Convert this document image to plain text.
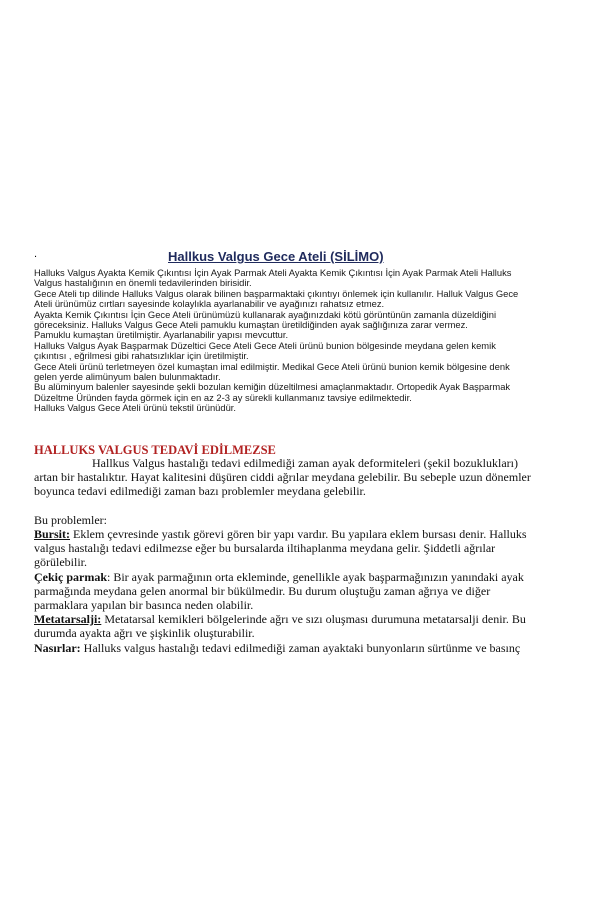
.	Hallkus Valgus Gece Ateli (SİLİMO)
Halluks Valgus Ayakta Kemik Çıkıntısı İçin Ayak Parmak Ateli Ayakta Kemik Çıkıntısı İçin Ayak Parmak Ateli Halluks
Valgus hastalığının en önemli tedavilerinden birisidir.
Gece Ateli tıp dilinde Halluks Valgus olarak bilinen başparmaktaki çıkıntıyı önlemek için kullanılır. Halluk Valgus Gece
Ateli ürünümüz cırtları sayesinde kolaylıkla ayarlanabilir ve ayağınızı rahatsız etmez.
Ayakta Kemik Çıkıntısı İçin Gece Ateli ürünümüzü kullanarak ayağınızdaki kötü görüntünün zamanla düzeldiğini
göreceksiniz. Halluks Valgus Gece Ateli pamuklu kumaştan üretildiğinden ayak sağlığınıza zarar vermez.
Pamuklu kumaştan üretilmiştir. Ayarlanabilir yapısı mevcuttur.
Halluks Valgus Ayak Başparmak Düzeltici Gece Ateli Gece Ateli ürünü bunion bölgesinde meydana gelen kemik
çıkıntısı , eğrilmesi gibi rahatsızlıklar için üretilmiştir.
Gece Ateli ürünü terletmeyen özel kumaştan imal edilmiştir. Medikal Gece Ateli ürünü bunion kemik bölgesine denk
gelen yerde alimünyum balen bulunmaktadır.
Bu alüminyum balenler sayesinde şekli bozulan kemiğin düzeltilmesi amaçlanmaktadır. Ortopedik Ayak Başparmak
Düzeltme Üründen fayda görmek için en az 2-3 ay sürekli kullanmanız tavsiye edilmektedir.
Halluks Valgus Gece Ateli ürünü tekstil ürünüdür.
HALLUKS VALGUS TEDAVİ EDİLMEZSE
Hallkus Valgus hastalığı tedavi edilmediği zaman ayak deformiteleri (şekil bozuklukları)
artan bir hastalıktır. Hayat kalitesini düşüren ciddi ağrılar meydana gelebilir. Bu sebeple uzun dönemler
boyunca tedavi edilmediği zaman bazı problemler meydana gelebilir.
Bu problemler:
Bursit: Eklem çevresinde yastık görevi gören bir yapı vardır. Bu yapılara eklem bursası denir. Halluks
valgus hastalığı tedavi edilmezse eğer bu bursalarda iltihaplanma meydana gelir. Şiddetli ağrılar
görülebilir.
Çekiç parmak: Bir ayak parmağının orta ekleminde, genellikle ayak başparmağınızın yanındaki ayak
parmağında meydana gelen anormal bir bükülmedir. Bu durum oluştuğu zaman ağrıya ve diğer
parmaklara yapılan bir basınca neden olabilir.
Metatarsalji: Metatarsal kemikleri bölgelerinde ağrı ve sızı oluşması durumuna metatarsalji denir. Bu
durumda ayakta ağrı ve şişkinlik oluşturabilir.
Nasırlar: Halluks valgus hastalığı tedavi edilmediği zaman ayaktaki bunyonların sürtünme ve basınç
